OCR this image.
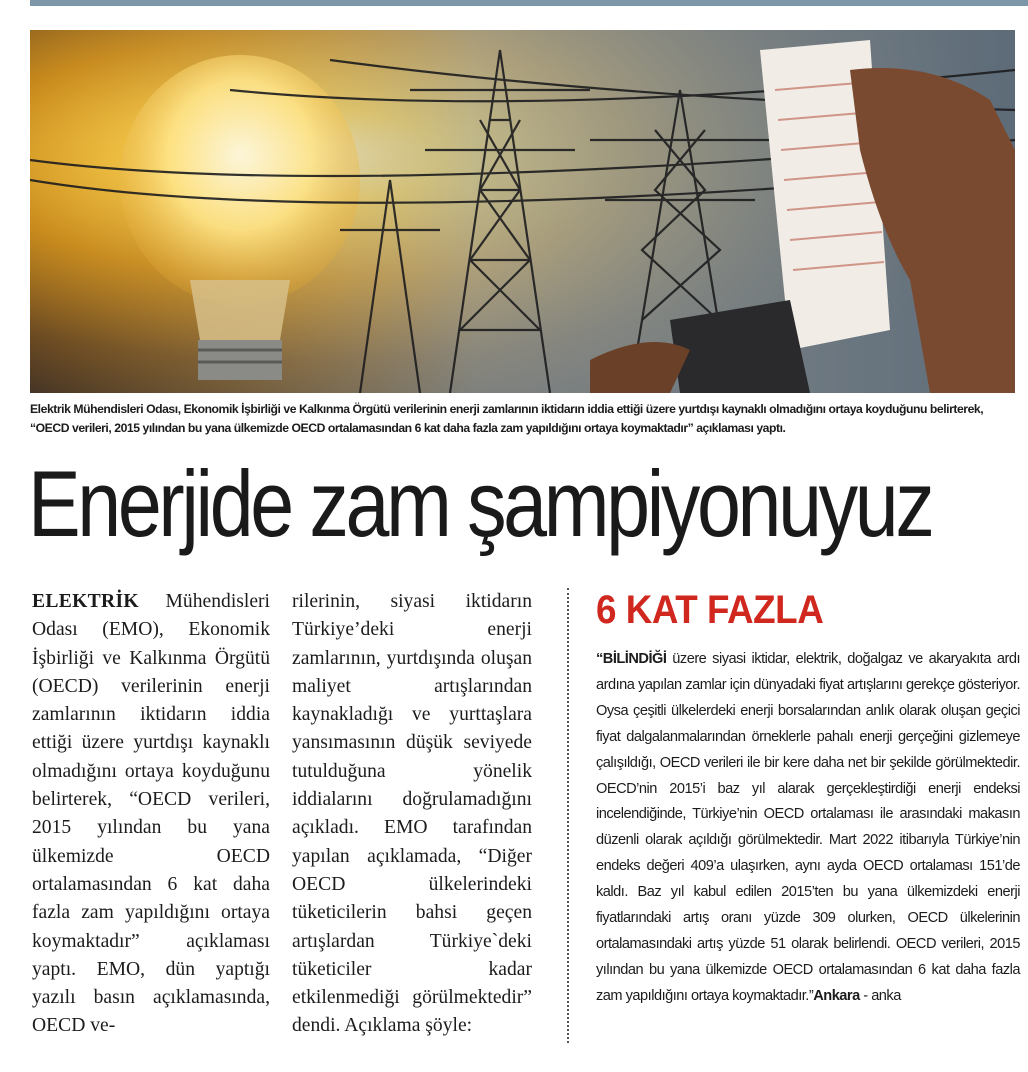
Elektrik Mühendisleri Odası, Ekonomik İşbirliği ve Kalkınma Örgütü verilerinin enerji zamlarının iktidarın iddia ettiği üzere yurtdışı kaynaklı olmadığını ortaya koyduğunu belirterek, “OECD verileri, 2015 yılından bu yana ülkemizde OECD ortalamasından 6 kat daha fazla zam yapıldığını ortaya koymaktadır” açıklaması yaptı.
Enerjide zam şampiyonuyuz

ELEKTRİK Mühendisleri Odası (EMO), Ekonomik İşbirliği ve Kalkınma Örgütü (OECD) verilerinin enerji zamlarının iktidarın iddia ettiği üzere yurtdışı kaynaklı olmadığını ortaya koyduğunu belirterek, “OECD verileri, 2015 yılından bu yana ülkemizde OECD ortalamasından 6 kat daha fazla zam yapıldığını ortaya koymaktadır” açıklaması yaptı. EMO, dün yaptığı yazılı basın açıklamasında, OECD ve-

rilerinin, siyasi iktidarın Türkiye’deki enerji zamlarının, yurtdışında oluşan maliyet artışlarından kaynakladığı ve yurttaşlara yansımasının düşük seviyede tutulduğuna yönelik iddialarını doğrulamadığını açıkladı. EMO tarafından yapılan açıklamada, “Diğer OECD ülkelerindeki tüketicilerin bahsi geçen artışlardan Türkiye`deki tüketiciler kadar etkilenmediği görülmektedir” dendi. Açıklama şöyle:

6 KAT FAZLA

“BİLİNDİĞİ üzere siyasi iktidar, elektrik, doğalgaz ve akaryakıta ardı ardına yapılan zamlar için dünyadaki fiyat artışlarını gerekçe gösteriyor. Oysa çeşitli ülkelerdeki enerji borsalarından anlık olarak oluşan geçici fiyat dalgalanmalarından örneklerle pahalı enerji gerçeğini gizlemeye çalışıldığı, OECD verileri ile bir kere daha net bir şekilde görülmektedir. OECD’nin 2015’i baz yıl alarak gerçekleştirdiği enerji endeksi incelendiğinde, Türkiye’nin OECD ortalaması ile arasındaki makasın düzenli olarak açıldığı görülmektedir. Mart 2022 itibarıyla Türkiye’nin endeks değeri 409’a ulaşırken, aynı ayda OECD ortalaması 151’de kaldı. Baz yıl kabul edilen 2015’ten bu yana ülkemizdeki enerji fiyatlarındaki artış oranı yüzde 309 olurken, OECD ülkelerinin ortalamasındaki artış yüzde 51 olarak belirlendi. OECD verileri, 2015 yılından bu yana ülkemizde OECD ortalamasından 6 kat daha fazla zam yapıldığını ortaya koymaktadır.”Ankara - anka
